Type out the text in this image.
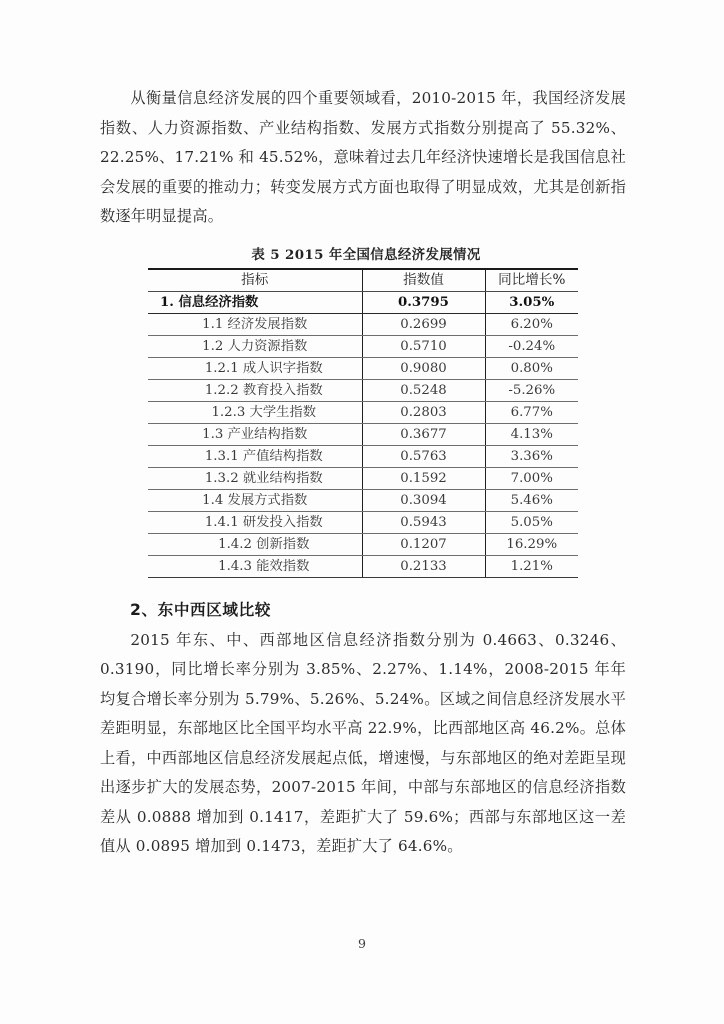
从衡量信息经济发展的四个重要领域看，2010-2015 年，我国经济发展指数、人力资源指数、产业结构指数、发展方式指数分别提高了 55.32%、22.25%、17.21% 和 45.52%，意味着过去几年经济快速增长是我国信息社会发展的重要的推动力；转变发展方式方面也取得了明显成效，尤其是创新指数逐年明显提高。

表 5 2015 年全国信息经济发展情况
指标	指数值	同比增长%
1. 信息经济指数	0.3795	3.05%
1.1 经济发展指数	0.2699	6.20%
1.2 人力资源指数	0.5710	-0.24%
1.2.1 成人识字指数	0.9080	0.80%
1.2.2 教育投入指数	0.5248	-5.26%
1.2.3 大学生指数	0.2803	6.77%
1.3 产业结构指数	0.3677	4.13%
1.3.1 产值结构指数	0.5763	3.36%
1.3.2 就业结构指数	0.1592	7.00%
1.4 发展方式指数	0.3094	5.46%
1.4.1 研发投入指数	0.5943	5.05%
1.4.2 创新指数	0.1207	16.29%
1.4.3 能效指数	0.2133	1.21%
2、东中西区域比较

2015 年东、中、西部地区信息经济指数分别为 0.4663、0.3246、0.3190，同比增长率分别为 3.85%、2.27%、1.14%，2008-2015 年年均复合增长率分别为 5.79%、5.26%、5.24%。区域之间信息经济发展水平差距明显，东部地区比全国平均水平高 22.9%，比西部地区高 46.2%。总体上看，中西部地区信息经济发展起点低，增速慢，与东部地区的绝对差距呈现出逐步扩大的发展态势，2007-2015 年间，中部与东部地区的信息经济指数差从 0.0888 增加到 0.1417，差距扩大了 59.6%；西部与东部地区这一差值从 0.0895 增加到 0.1473，差距扩大了 64.6%。

9
